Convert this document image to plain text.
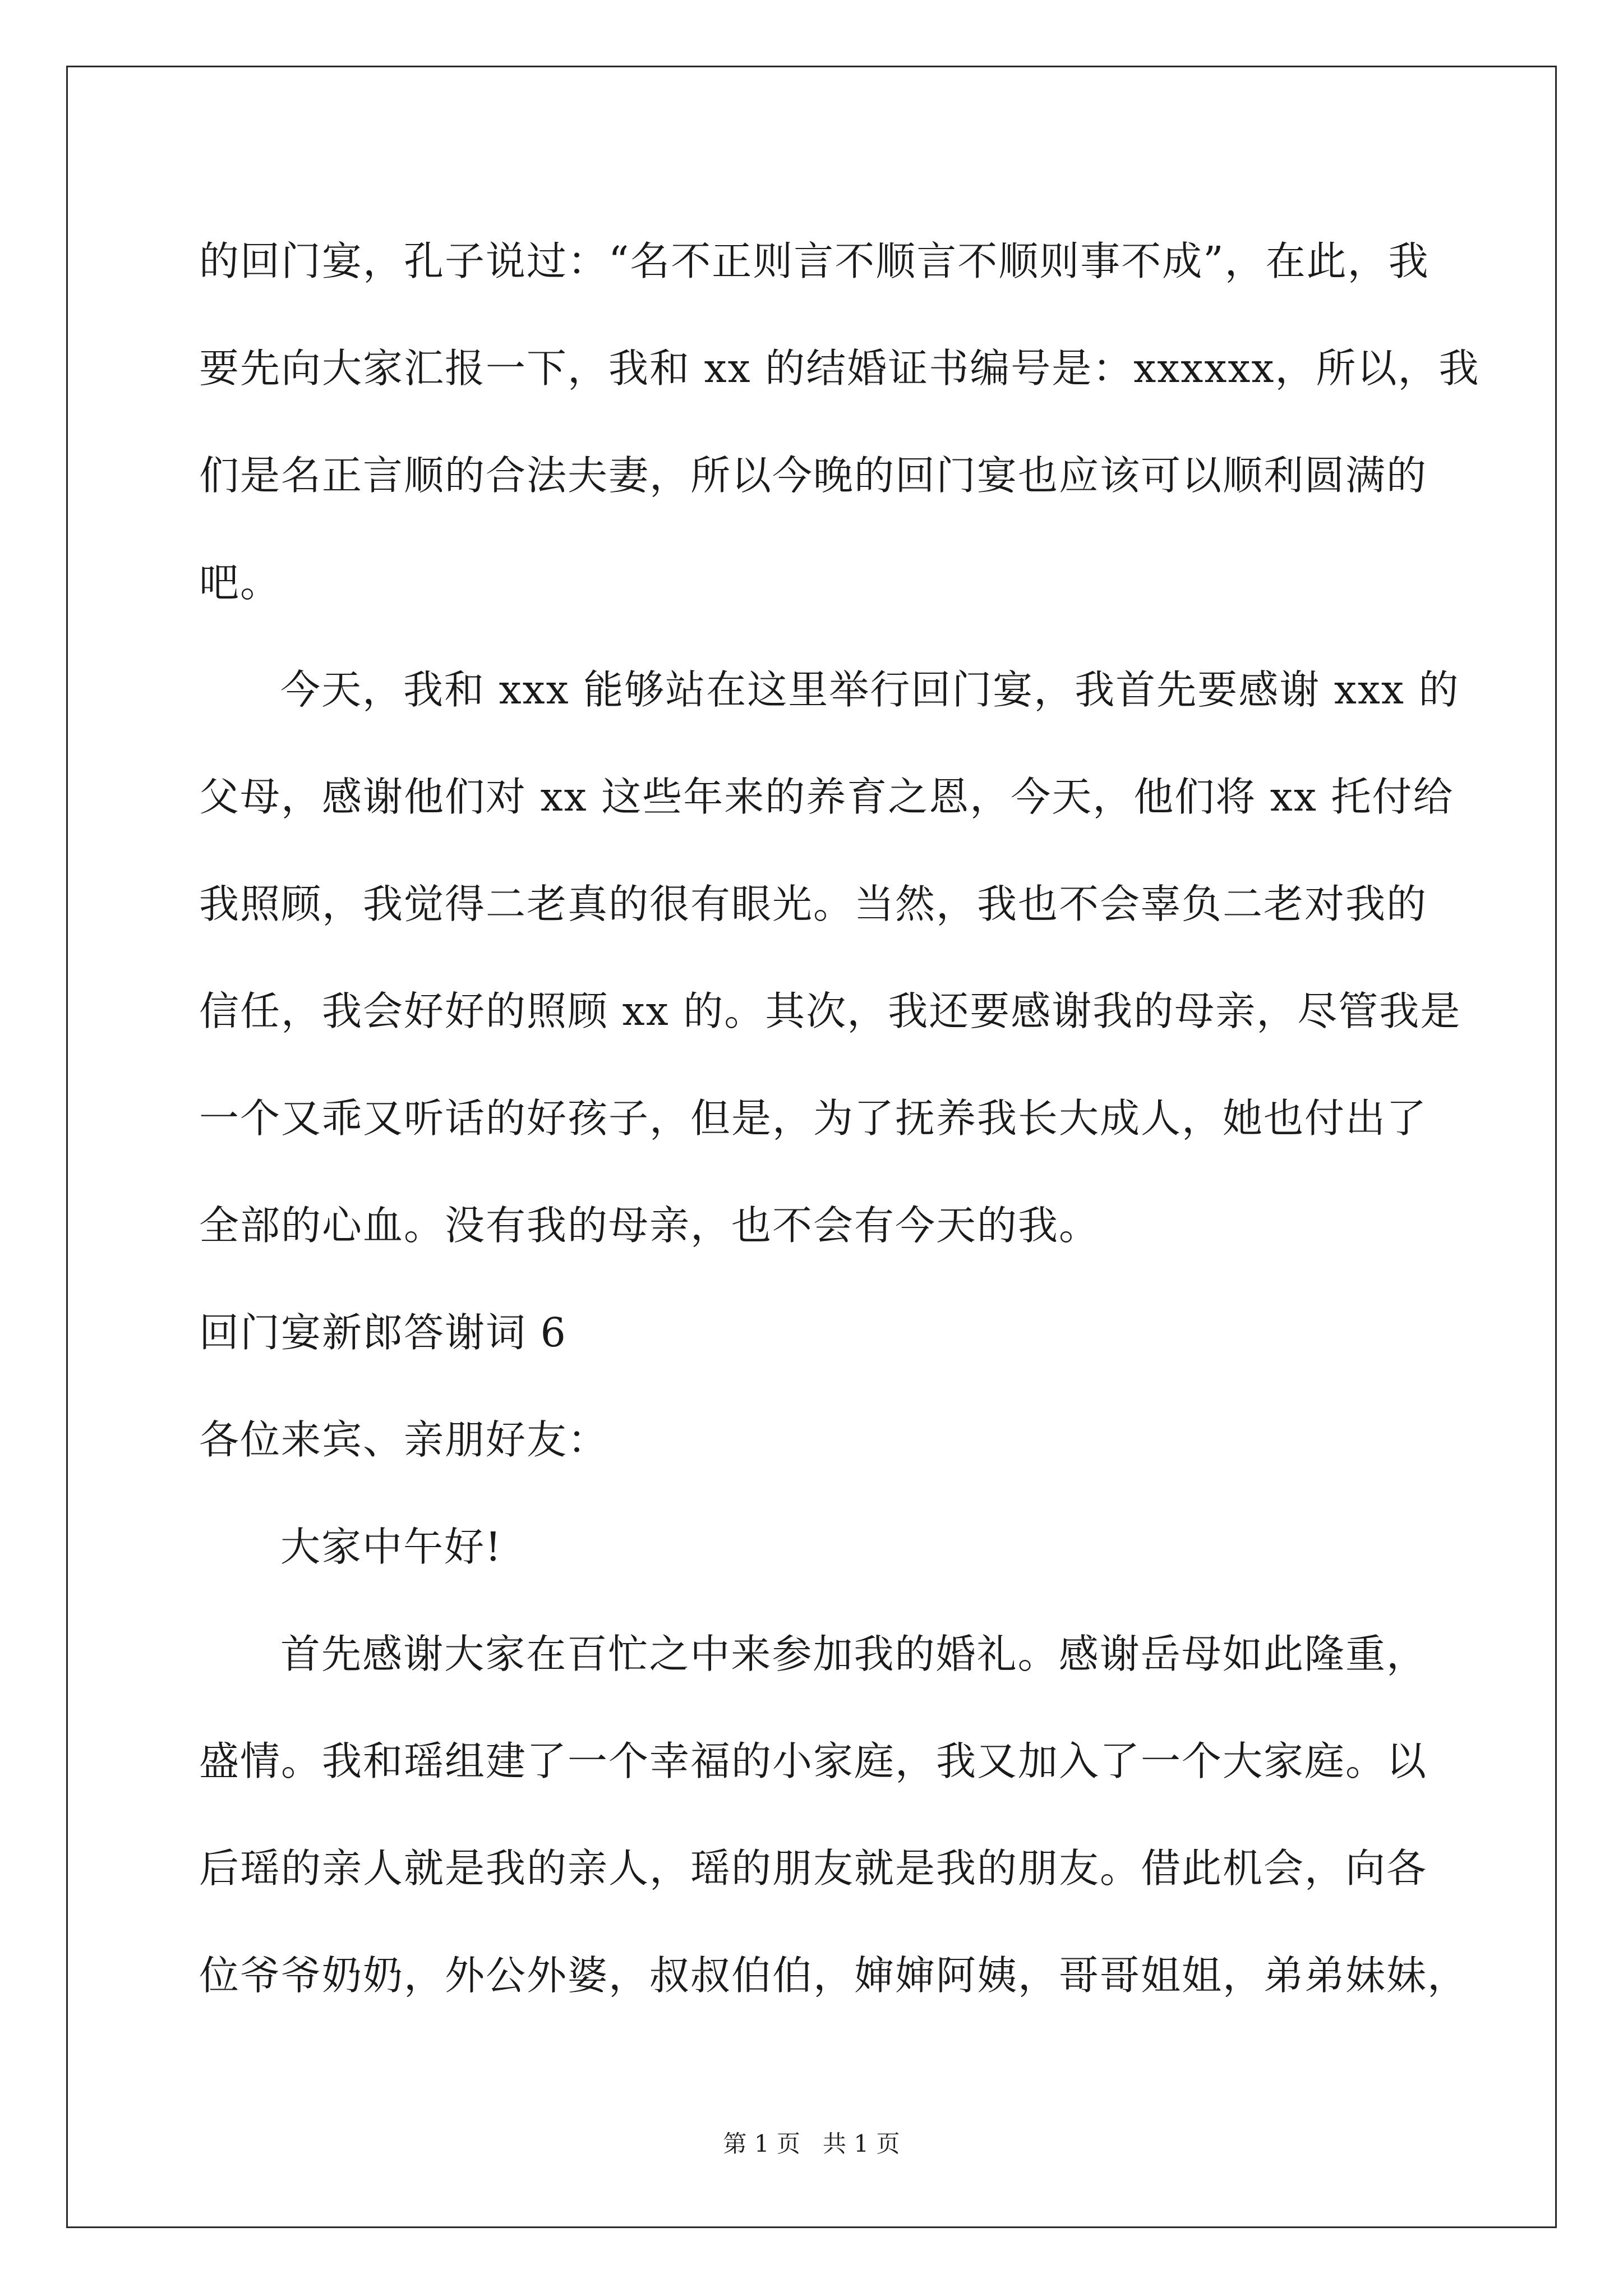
的回门宴，孔子说过：“名不正则言不顺言不顺则事不成”，在此，我
要先向大家汇报一下，我和 xx 的结婚证书编号是：xxxxxx，所以，我
们是名正言顺的合法夫妻，所以今晚的回门宴也应该可以顺利圆满的
吧。
今天，我和 xxx 能够站在这里举行回门宴，我首先要感谢 xxx 的
父母，感谢他们对 xx 这些年来的养育之恩，今天，他们将 xx 托付给
我照顾，我觉得二老真的很有眼光。当然，我也不会辜负二老对我的
信任，我会好好的照顾 xx 的。其次，我还要感谢我的母亲，尽管我是
一个又乖又听话的好孩子，但是，为了抚养我长大成人，她也付出了
全部的心血。没有我的母亲，也不会有今天的我。
回门宴新郎答谢词 6
各位来宾、亲朋好友：
大家中午好!
首先感谢大家在百忙之中来参加我的婚礼。感谢岳母如此隆重，
盛情。我和瑶组建了一个幸福的小家庭，我又加入了一个大家庭。以
后瑶的亲人就是我的亲人，瑶的朋友就是我的朋友。借此机会，向各
位爷爷奶奶，外公外婆，叔叔伯伯，婶婶阿姨，哥哥姐姐，弟弟妹妹，
第 1 页   共 1 页
